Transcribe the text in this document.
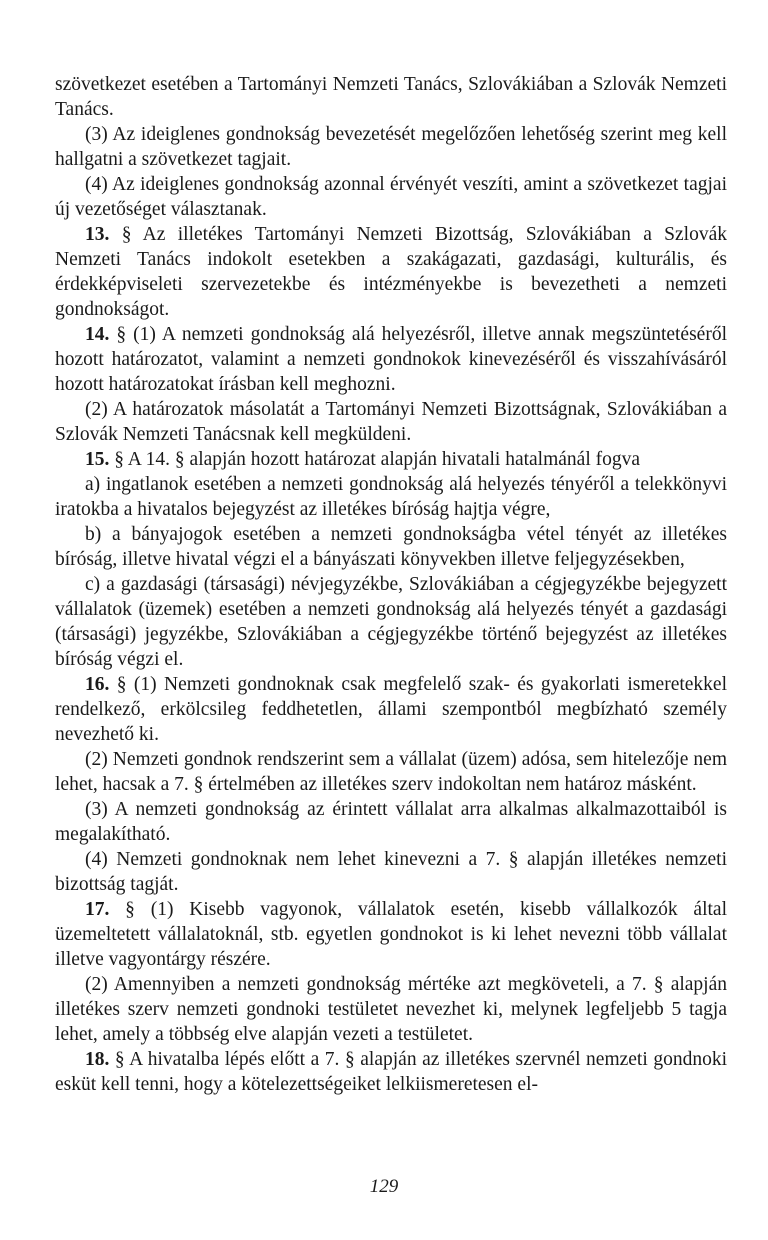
szövetkezet esetében a Tartományi Nemzeti Tanács, Szlovákiában a Szlovák Nemzeti Tanács.

(3) Az ideiglenes gondnokság bevezetését megelőzően lehetőség szerint meg kell hallgatni a szövetkezet tagjait.

(4) Az ideiglenes gondnokság azonnal érvényét veszíti, amint a szövetkezet tagjai új vezetőséget választanak.

13. § Az illetékes Tartományi Nemzeti Bizottság, Szlovákiában a Szlovák Nemzeti Tanács indokolt esetekben a szakágazati, gazdasági, kulturális, és érdekképviseleti szervezetekbe és intézményekbe is bevezetheti a nemzeti gondnokságot.

14. § (1) A nemzeti gondnokság alá helyezésről, illetve annak megszüntetéséről hozott határozatot, valamint a nemzeti gondnokok kinevezéséről és visszahívásáról hozott határozatokat írásban kell meghozni.

(2) A határozatok másolatát a Tartományi Nemzeti Bizottságnak, Szlovákiában a Szlovák Nemzeti Tanácsnak kell megküldeni.

15. § A 14. § alapján hozott határozat alapján hivatali hatalmánál fogva

a) ingatlanok esetében a nemzeti gondnokság alá helyezés tényéről a telekkönyvi iratokba a hivatalos bejegyzést az illetékes bíróság hajtja végre,

b) a bányajogok esetében a nemzeti gondnokságba vétel tényét az illetékes bíróság, illetve hivatal végzi el a bányászati könyvekben illetve feljegyzésekben,

c) a gazdasági (társasági) névjegyzékbe, Szlovákiában a cégjegyzékbe bejegyzett vállalatok (üzemek) esetében a nemzeti gondnokság alá helyezés tényét a gazdasági (társasági) jegyzékbe, Szlovákiában a cégjegyzékbe történő bejegyzést az illetékes bíróság végzi el.

16. § (1) Nemzeti gondnoknak csak megfelelő szak- és gyakorlati ismeretekkel rendelkező, erkölcsileg feddhetetlen, állami szempontból megbízható személy nevezhető ki.

(2) Nemzeti gondnok rendszerint sem a vállalat (üzem) adósa, sem hitelezője nem lehet, hacsak a 7. § értelmében az illetékes szerv indokoltan nem határoz másként.

(3) A nemzeti gondnokság az érintett vállalat arra alkalmas alkalmazottaiból is megalakítható.

(4) Nemzeti gondnoknak nem lehet kinevezni a 7. § alapján illetékes nemzeti bizottság tagját.

17. § (1) Kisebb vagyonok, vállalatok esetén, kisebb vállalkozók által üzemeltetett vállalatoknál, stb. egyetlen gondnokot is ki lehet nevezni több vállalat illetve vagyontárgy részére.

(2) Amennyiben a nemzeti gondnokság mértéke azt megköveteli, a 7. § alapján illetékes szerv nemzeti gondnoki testületet nevezhet ki, melynek legfeljebb 5 tagja lehet, amely a többség elve alapján vezeti a testületet.

18. § A hivatalba lépés előtt a 7. § alapján az illetékes szervnél nemzeti gondnoki esküt kell tenni, hogy a kötelezettségeiket lelkiismeretesen el-

129
